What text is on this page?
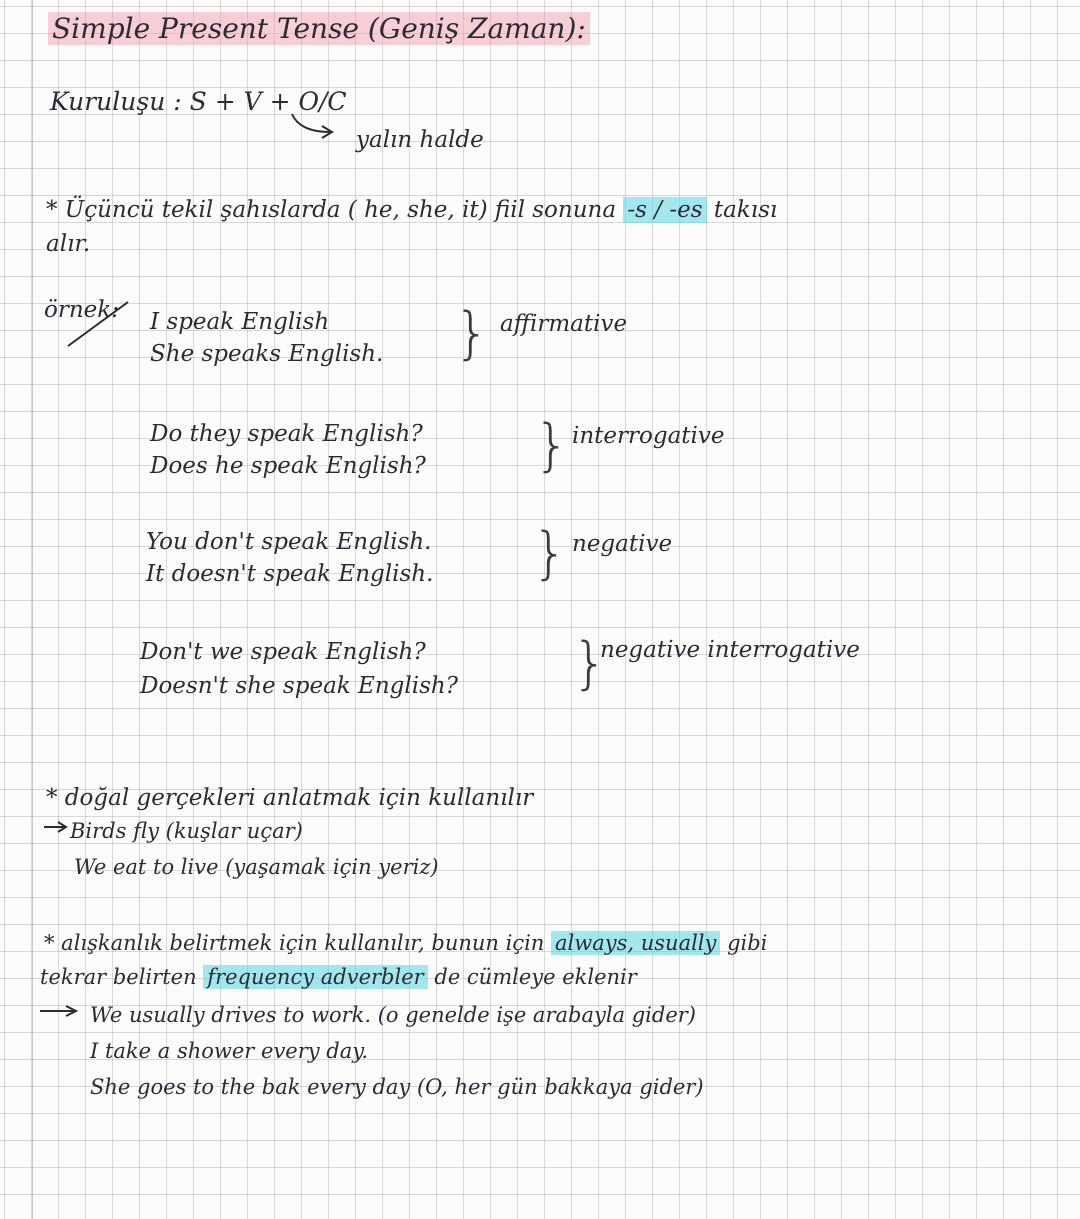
Simple Present Tense (Geniş Zaman):
Kuruluşu : S + V + O/C
yalın halde
* Üçüncü tekil şahıslarda ( he, she, it) fiil sonuna -s / -es takısı
alır.
örnek: I speak English
She speaks English. } affirmative
Do they speak English?
Does he speak English? } interrogative
You don't speak English.
It doesn't speak English. } negative
Don't we speak English?
Doesn't she speak English? }
negative interrogative
* doğal gerçekleri anlatmak için kullanılır
Birds fly (kuşlar uçar)
We eat to live (yaşamak için yeriz)
* alışkanlık belirtmek için kullanılır, bunun için always, usually gibi
tekrar belirten frequency adverbler de cümleye eklenir
We usually drives to work. (o genelde işe arabayla gider)
I take a shower every day.
She goes to the bak every day (O, her gün bakkaya gider)
